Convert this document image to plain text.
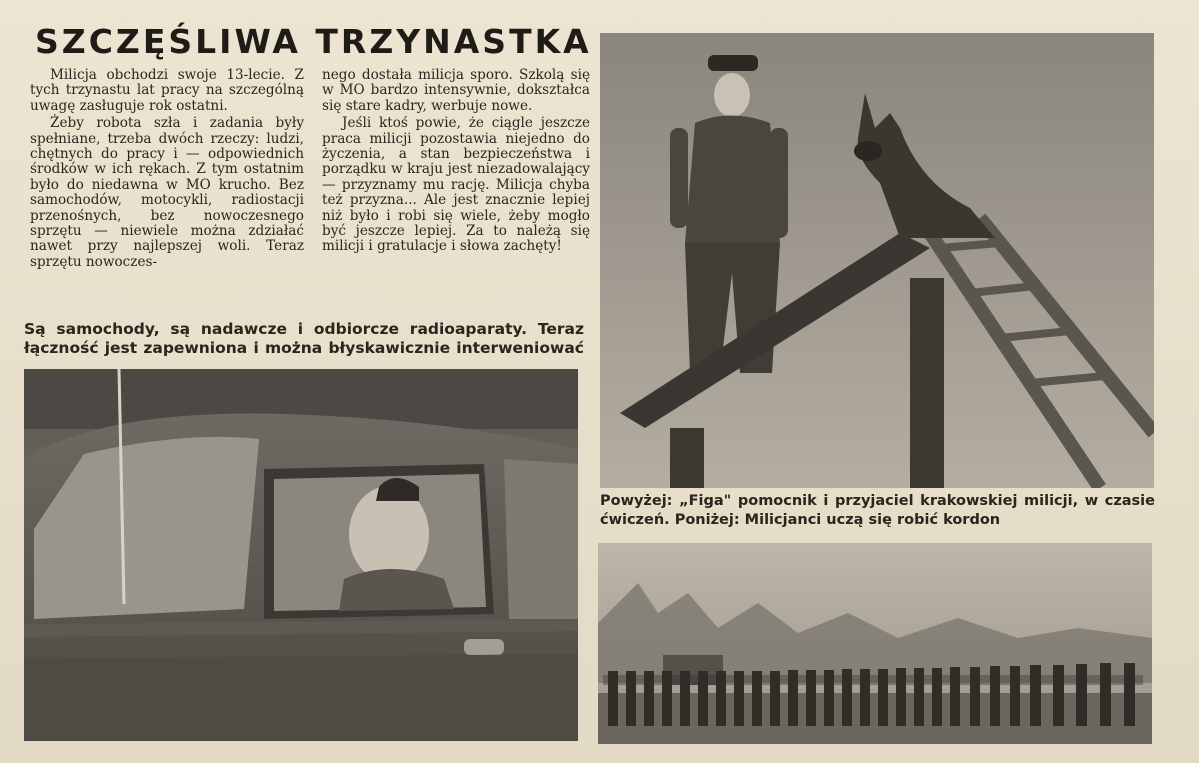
SZCZĘŚLIWA TRZYNASTKA

Milicja obchodzi swoje 13-lecie. Z tych trzynastu lat pracy na szczególną uwagę zasługuje rok ostatni.

Żeby robota szła i zadania były spełniane, trzeba dwóch rzeczy: ludzi, chętnych do pracy i — odpowiednich środków w ich rękach. Z tym ostatnim było do niedawna w MO krucho. Bez samochodów, motocykli, radiostacji przenośnych, bez nowoczesnego sprzętu — niewiele można zdziałać nawet przy najlepszej woli. Teraz sprzętu nowoczes-

nego dostała milicja sporo. Szkolą się w MO bardzo intensywnie, dokształca się stare kadry, werbuje nowe.

Jeśli ktoś powie, że ciągle jeszcze praca milicji pozostawia niejedno do życzenia, a stan bezpieczeństwa i porządku w kraju jest niezadowalający — przyznamy mu rację. Milicja chyba też przyzna... Ale jest znacznie lepiej niż było i robi się wiele, żeby mogło być jeszcze lepiej. Za to należą się milicji i gratulacje i słowa zachęty!

Są samochody, są nadawcze i odbiorcze radioaparaty. Teraz łączność jest zapewniona i można błyskawicznie interweniować
Powyżej: „Figa" pomocnik i przyjaciel krakowskiej milicji, w czasie ćwiczeń. Poniżej: Milicjanci uczą się robić kordon
